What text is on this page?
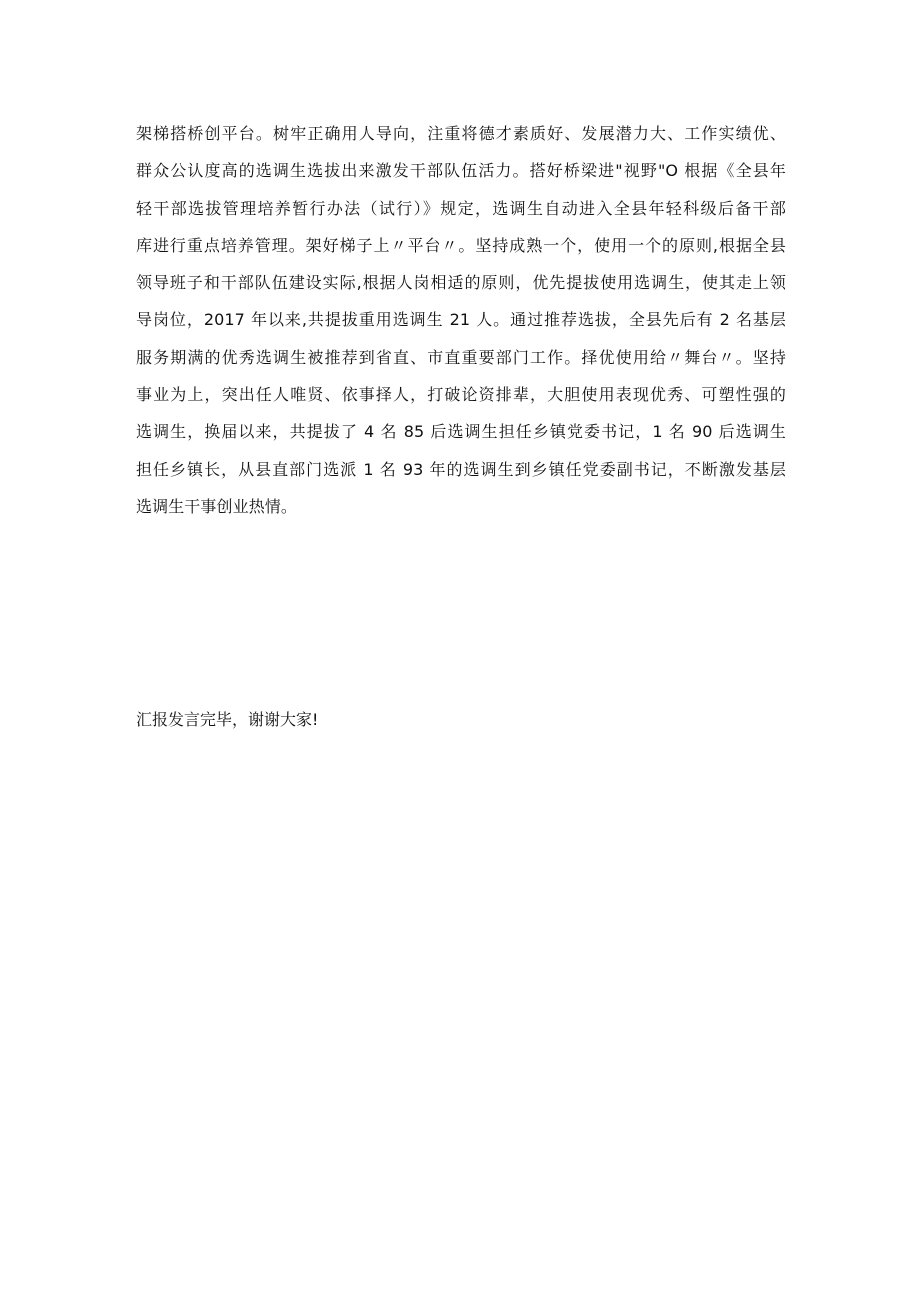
架梯搭桥创平台。树牢正确用人导向，注重将德才素质好、发展潜力大、工作实绩优、
群众公认度高的选调生选拔出来激发干部队伍活力。搭好桥梁进"视野"O 根据《全县年
轻干部选拔管理培养暂行办法（试行）》规定，选调生自动进入全县年轻科级后备干部
库进行重点培养管理。架好梯子上〃平台〃。坚持成熟一个，使用一个的原则,根据全县
领导班子和干部队伍建设实际,根据人岗相适的原则，优先提拔使用选调生，使其走上领
导岗位，2017 年以来,共提拔重用选调生 21 人。通过推荐选拔，全县先后有 2 名基层
服务期满的优秀选调生被推荐到省直、市直重要部门工作。择优使用给〃舞台〃。坚持
事业为上，突出任人唯贤、依事择人，打破论资排辈，大胆使用表现优秀、可塑性强的
选调生，换届以来，共提拔了 4 名 85 后选调生担任乡镇党委书记，1 名 90 后选调生
担任乡镇长，从县直部门选派 1 名 93 年的选调生到乡镇任党委副书记，不断激发基层
选调生干事创业热情。
汇报发言完毕，谢谢大家!
